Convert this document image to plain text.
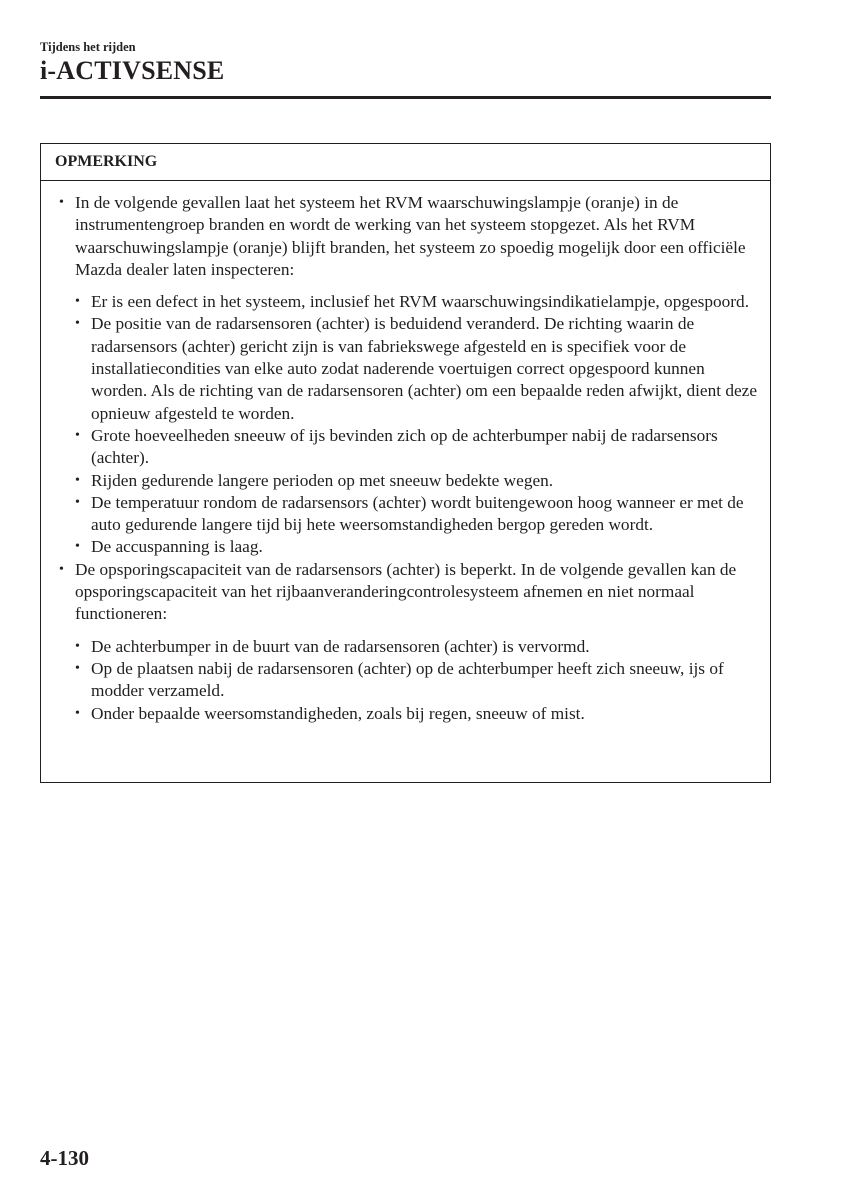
Tijdens het rijden

i-ACTIVSENSE

OPMERKING

• In de volgende gevallen laat het systeem het RVM waarschuwingslampje (oranje) in de instrumentengroep branden en wordt de werking van het systeem stopgezet. Als het RVM waarschuwingslampje (oranje) blijft branden, het systeem zo spoedig mogelijk door een officiële Mazda dealer laten inspecteren:
• Er is een defect in het systeem, inclusief het RVM waarschuwingsindikatielampje, opgespoord.
• De positie van de radarsensoren (achter) is beduidend veranderd. De richting waarin de radarsensors (achter) gericht zijn is van fabriekswege afgesteld en is specifiek voor de installatiecondities van elke auto zodat naderende voertuigen correct opgespoord kunnen worden. Als de richting van de radarsensoren (achter) om een bepaalde reden afwijkt, dient deze opnieuw afgesteld te worden.
• Grote hoeveelheden sneeuw of ijs bevinden zich op de achterbumper nabij de radarsensors (achter).
• Rijden gedurende langere perioden op met sneeuw bedekte wegen.
• De temperatuur rondom de radarsensors (achter) wordt buitengewoon hoog wanneer er met de auto gedurende langere tijd bij hete weersomstandigheden bergop gereden wordt.
• De accuspanning is laag.
• De opsporingscapaciteit van de radarsensors (achter) is beperkt. In de volgende gevallen kan de opsporingscapaciteit van het rijbaanveranderingcontrolesysteem afnemen en niet normaal functioneren:
• De achterbumper in de buurt van de radarsensoren (achter) is vervormd.
• Op de plaatsen nabij de radarsensoren (achter) op de achterbumper heeft zich sneeuw, ijs of modder verzameld.
• Onder bepaalde weersomstandigheden, zoals bij regen, sneeuw of mist.

4-130
